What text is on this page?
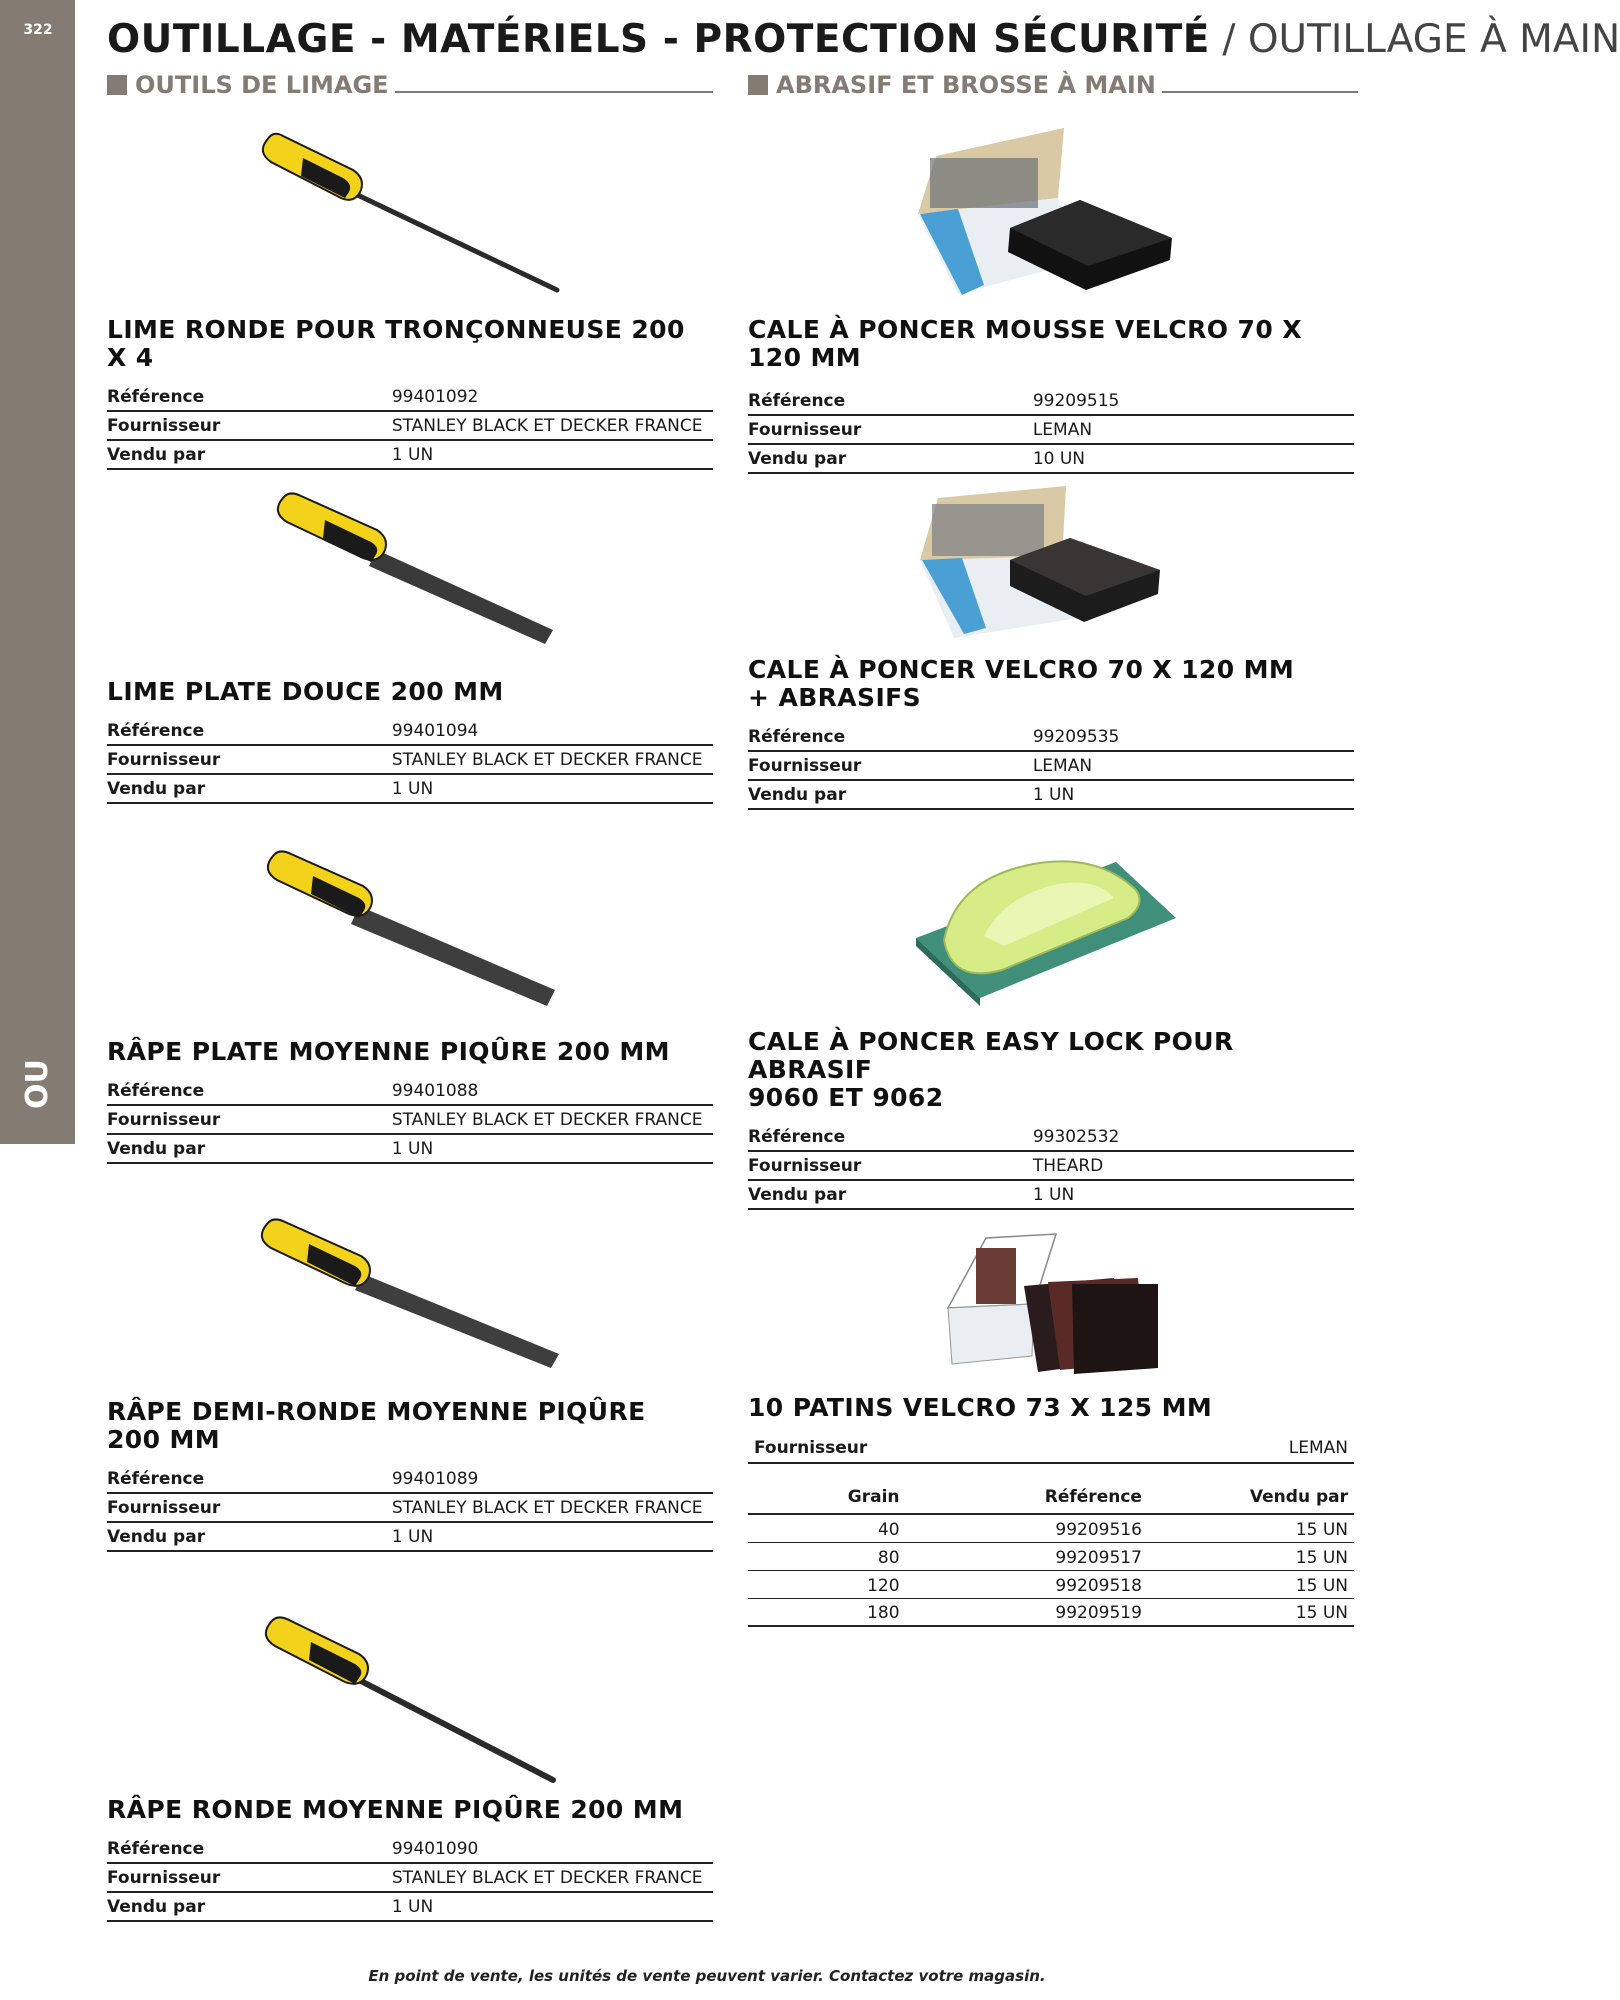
322
OU
OUTILLAGE - MATÉRIELS - PROTECTION SÉCURITÉ / OUTILLAGE À MAIN
OUTILS DE LIMAGE	ABRASIF ET BROSSE À MAIN
LIME RONDE POUR TRONÇONNEUSE 200 X 4
Référence	99401092
Fournisseur	STANLEY BLACK ET DECKER FRANCE
Vendu par	1 UN
LIME PLATE DOUCE 200 MM
Référence	99401094
Fournisseur	STANLEY BLACK ET DECKER FRANCE
Vendu par	1 UN
RÂPE PLATE MOYENNE PIQÛRE 200 MM
Référence	99401088
Fournisseur	STANLEY BLACK ET DECKER FRANCE
Vendu par	1 UN
RÂPE DEMI-RONDE MOYENNE PIQÛRE
200 MM
Référence	99401089
Fournisseur	STANLEY BLACK ET DECKER FRANCE
Vendu par	1 UN
RÂPE RONDE MOYENNE PIQÛRE 200 MM
Référence	99401090
Fournisseur	STANLEY BLACK ET DECKER FRANCE
Vendu par	1 UN
CALE À PONCER MOUSSE VELCRO 70 X 120 MM
Référence	99209515
Fournisseur	LEMAN
Vendu par	10 UN
CALE À PONCER VELCRO 70 X 120 MM
+ ABRASIFS
Référence	99209535
Fournisseur	LEMAN
Vendu par	1 UN
CALE À PONCER EASY LOCK POUR ABRASIF
9060 ET 9062
Référence	99302532
Fournisseur	THEARD
Vendu par	1 UN
10 PATINS VELCRO 73 X 125 MM
Fournisseur	LEMAN
Grain	Référence	Vendu par
40	99209516	15 UN
80	99209517	15 UN
120	99209518	15 UN
180	99209519	15 UN
En point de vente, les unités de vente peuvent varier. Contactez votre magasin.
